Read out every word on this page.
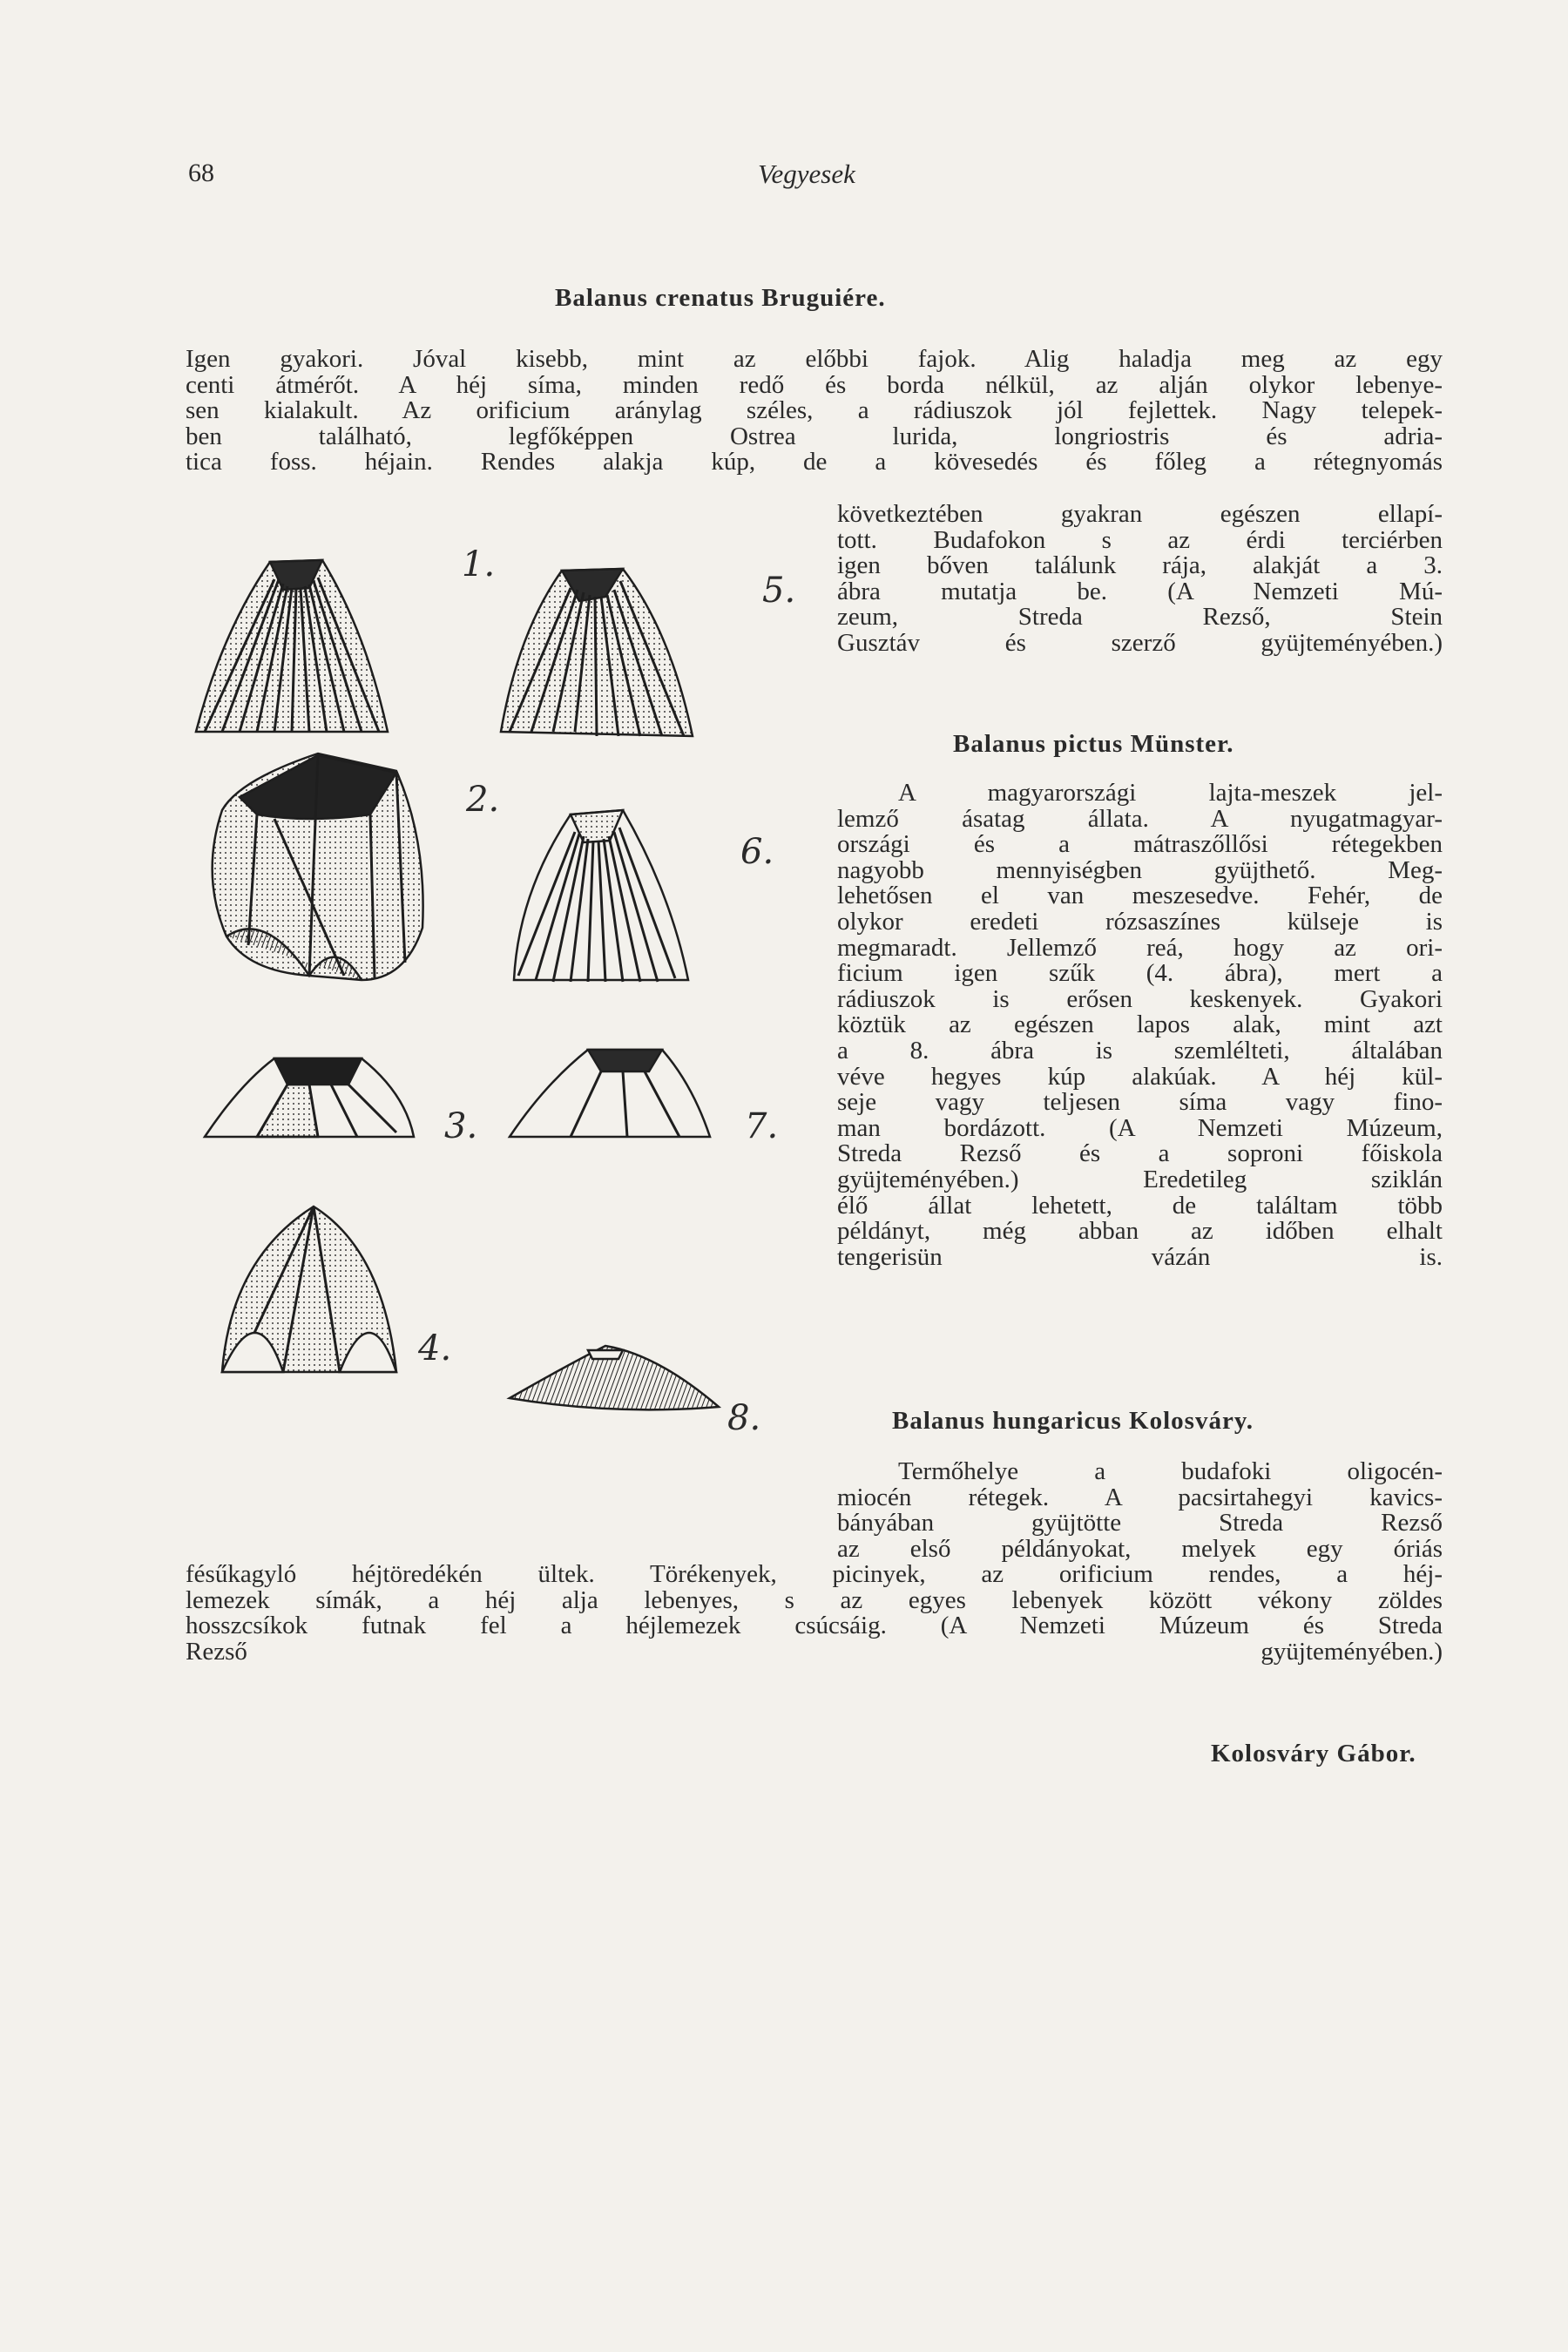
68	Vegyesek
Balanus crenatus Bruguiére.
Igen gyakori. Jóval kisebb, mint az előbbi fajok. Alig haladja meg az egy
centi átmérőt. A héj síma, minden redő és borda nélkül, az alján olykor lebenye-
sen kialakult. Az orificium aránylag széles, a rádiuszok jól fejlettek. Nagy telepek-
ben található, legfőképpen Ostrea lurida, longriostris és adria-
tica foss. héjain. Rendes alakja kúp, de a kövesedés és főleg a rétegnyomás
következtében gyakran egészen ellapí-
tott. Budafokon s az érdi terciérben
igen bőven találunk rája, alakját a 3.
ábra mutatja be. (A Nemzeti Mú-
zeum, Streda Rezső, Stein
Gusztáv és szerző gyüjteményében.)
Balanus pictus Münster.
A magyarországi lajta-meszek jel-
lemző ásatag állata. A nyugatmagyar-
országi és a mátraszőllősi rétegekben
nagyobb mennyiségben gyüjthető. Meg-
lehetősen el van meszesedve. Fehér, de
olykor eredeti rózsaszínes külseje is
megmaradt. Jellemző reá, hogy az ori-
ficium igen szűk (4. ábra), mert a
rádiuszok is erősen keskenyek. Gyakori
köztük az egészen lapos alak, mint azt
a 8. ábra is szemlélteti, általában
véve hegyes kúp alakúak. A héj kül-
seje vagy teljesen síma vagy fino-
man bordázott. (A Nemzeti Múzeum,
Streda Rezső és a soproni főiskola
gyüjteményében.) Eredetileg sziklán
élő állat lehetett, de találtam több
példányt, még abban az időben elhalt
tengerisün vázán is.
Balanus hungaricus Kolosváry.
Termőhelye a budafoki oligocén-
miocén rétegek. A pacsirtahegyi kavics-
bányában gyüjtötte Streda Rezső
az első példányokat, melyek egy óriás
fésűkagyló héjtöredékén ültek. Törékenyek, picinyek, az orificium rendes, a héj-
lemezek símák, a héj alja lebenyes, s az egyes lebenyek között vékony zöldes
hosszcsíkok futnak fel a héjlemezek csúcsáig. (A Nemzeti Múzeum és Streda
Rezső gyüjteményében.)
Kolosváry Gábor.
1.
5.
2.
6.
3.	7.
4.
8.
